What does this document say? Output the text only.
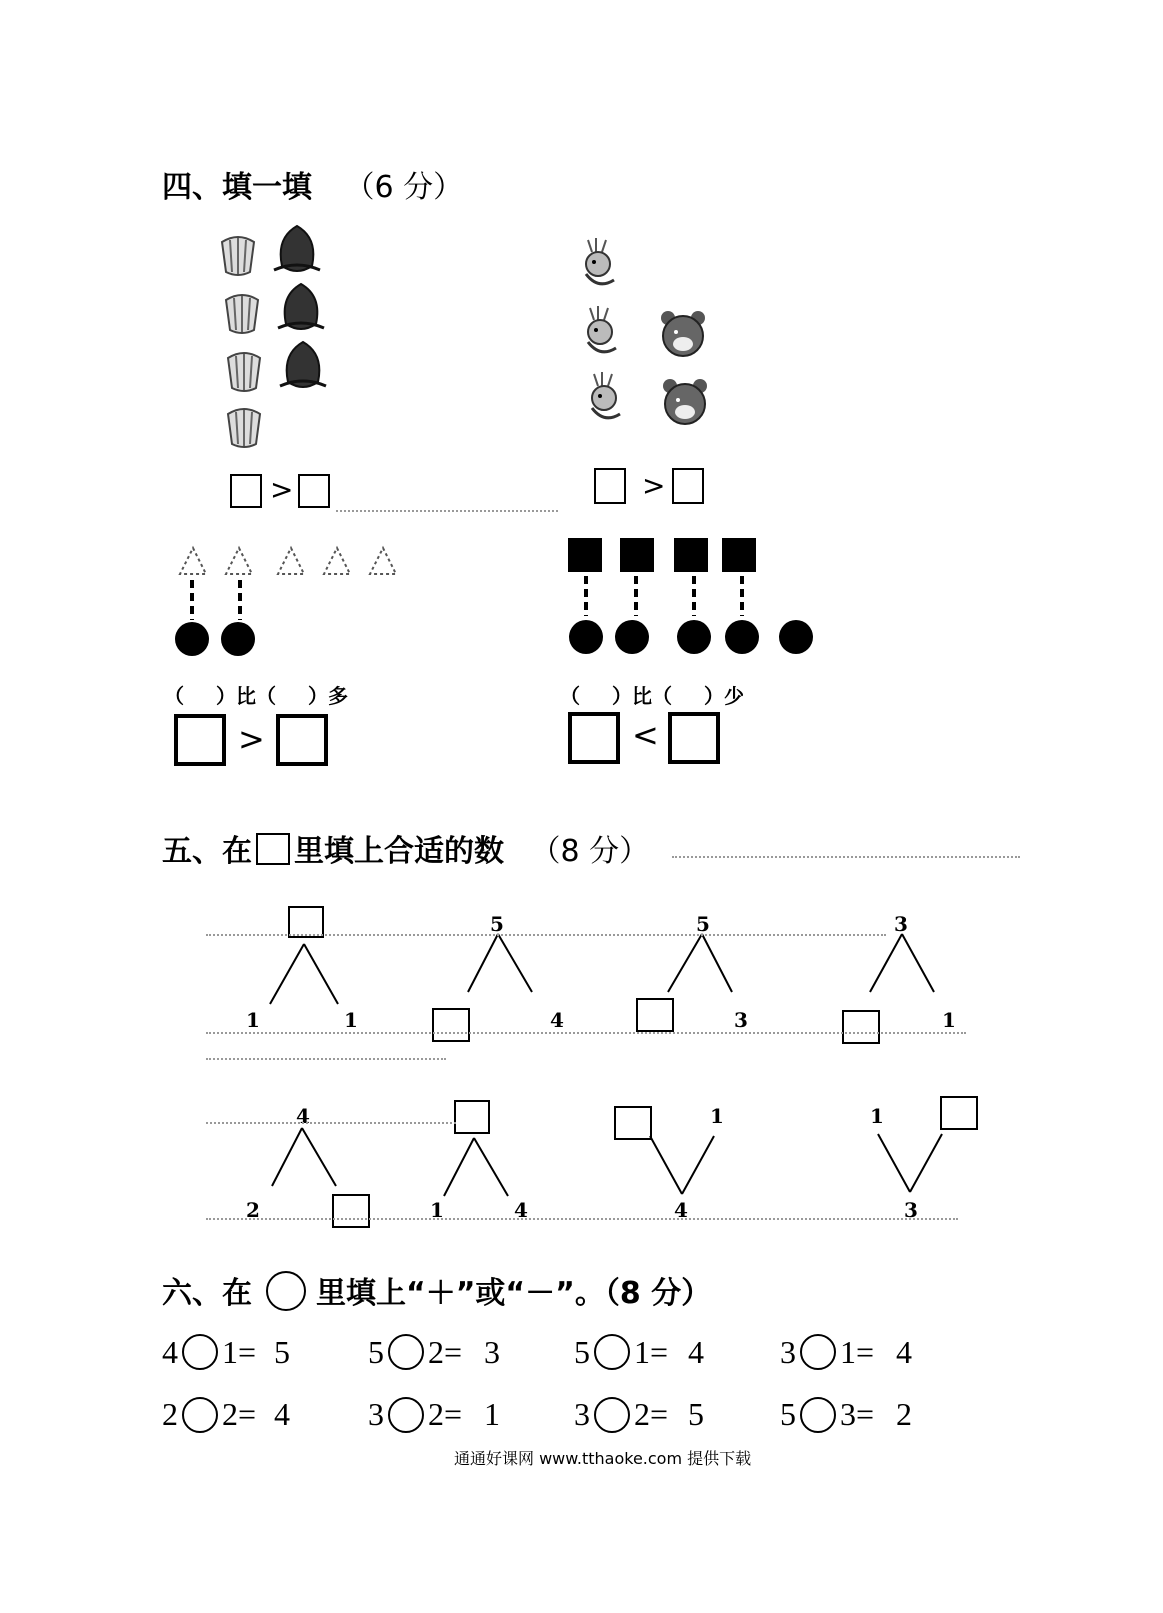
四、填一填 （6 分）
>	>
（ ）比（ ）多	（ ）比（ ）少
>	<
五、在 里填上合适的数 （8 分）
1	1
5
4
5
3
3
1
4
2	1	4
1
4
1
3
六、在 里填上“＋”或“－”。（8 分）
4 1= 5 5 2= 3 5 1= 4 3 1= 4
2 2= 4 3 2= 1 3 2= 5 5 3= 2
通通好课网 www.tthaoke.com 提供下载
